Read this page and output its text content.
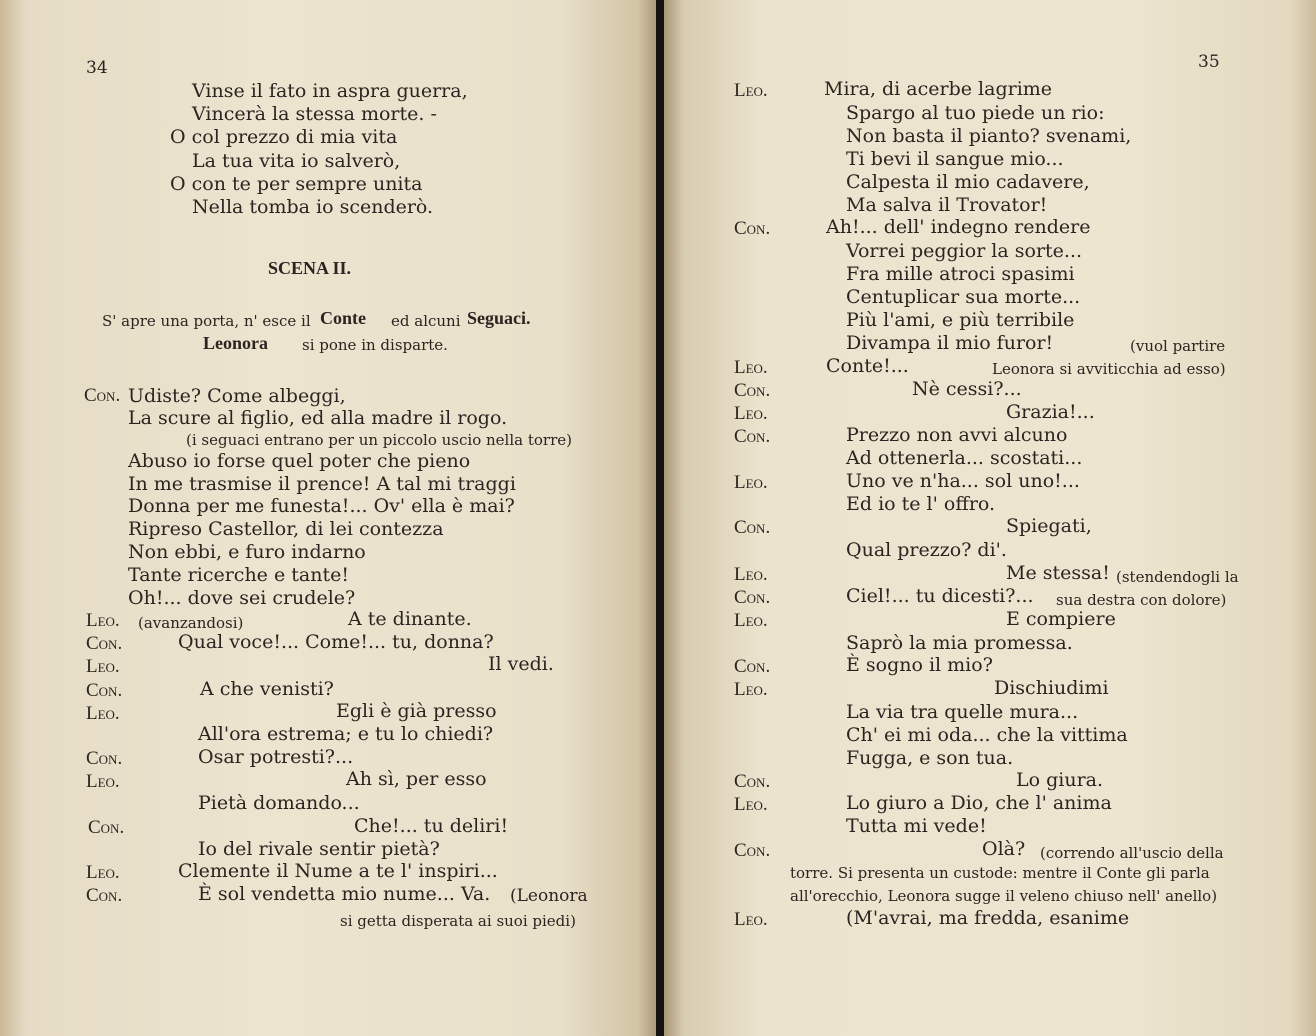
34
Vinse il fato in aspra guerra,
Vincerà la stessa morte. -
O col prezzo di mia vita
La tua vita io salverò,
O con te per sempre unita
Nella tomba io scenderò.
SCENA II.
S' apre una porta, n' esce il Conte ed alcuni Seguaci.
Leonora si pone in disparte.
Con. Udiste? Come albeggi,
La scure al figlio, ed alla madre il rogo.
(i seguaci entrano per un piccolo uscio nella torre)
Abuso io forse quel poter che pieno
In me trasmise il prence! A tal mi traggi
Donna per me funesta!... Ov' ella è mai?
Ripreso Castellor, di lei contezza
Non ebbi, e furo indarno
Tante ricerche e tante!
Oh!... dove sei crudele?
Leo. (avanzandosi)	A te dinante.
Con.	Qual voce!... Come!... tu, donna?
Leo.	Il vedi.
Con.	A che venisti?
Leo.	Egli è già presso
All'ora estrema; e tu lo chiedi?
Con.	Osar potresti?...
Leo.	Ah sì, per esso
Pietà domando...
Con.	Che!... tu deliri!
Io del rivale sentir pietà?
Leo.	Clemente il Nume a te l' inspiri...
Con.	È sol vendetta mio nume... Va. (Leonora
si getta disperata ai suoi piedi)
35
Leo.	Mira, di acerbe lagrime
Spargo al tuo piede un rio:
Non basta il pianto? svenami,
Ti bevi il sangue mio...
Calpesta il mio cadavere,
Ma salva il Trovator!
Con.	Ah!... dell' indegno rendere
Vorrei peggior la sorte...
Fra mille atroci spasimi
Centuplicar sua morte...
Più l'ami, e più terribile
Divampa il mio furor!	(vuol partire
Leo.	Conte!...	Leonora si avviticchia ad esso)
Con.	Nè cessi?...
Leo.	Grazia!...
Con.	Prezzo non avvi alcuno
Ad ottenerla... scostati...
Leo.	Uno ve n'ha... sol uno!...
Ed io te l' offro.
Con.	Spiegati,
Qual prezzo? di'.
Leo.	Me stessa! (stendendogli la
Con.	Ciel!... tu dicesti?... sua destra con dolore)
Leo.	E compiere
Saprò la mia promessa.
Con.	È sogno il mio?
Leo.	Dischiudimi
La via tra quelle mura...
Ch' ei mi oda... che la vittima
Fugga, e son tua.
Con.	Lo giura.
Leo.	Lo giuro a Dio, che l' anima
Tutta mi vede!
Con.	Olà? (correndo all'uscio della
torre. Si presenta un custode: mentre il Conte gli parla
all'orecchio, Leonora sugge il veleno chiuso nell' anello)
Leo.	(M'avrai, ma fredda, esanime
